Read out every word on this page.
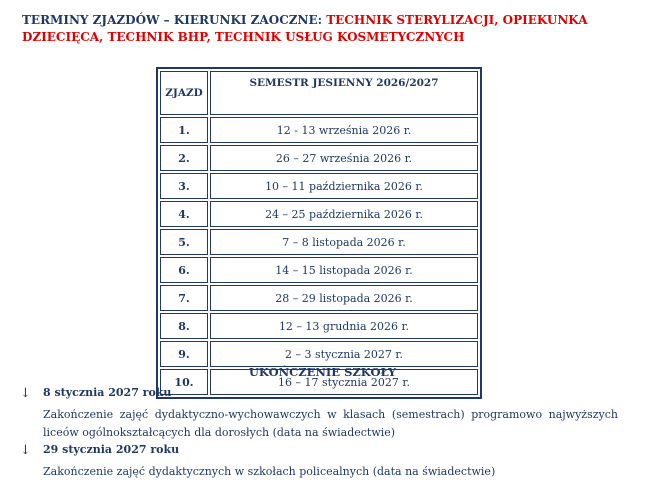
TERMINY ZJAZDÓW – KIERUNKI ZAOCZNE: TECHNIK STERYLIZACJI, OPIEKUNKA DZIECIĘCA, TECHNIK BHP, TECHNIK USŁUG KOSMETYCZNYCH
ZJAZD	SEMESTR JESIENNY 2026/2027
1.	12 - 13 września 2026 r.
2.	26 – 27 września 2026 r.
3.	10 – 11 października 2026 r.
4.	24 – 25 października 2026 r.
5.	7 – 8 listopada 2026 r.
6.	14 – 15 listopada 2026 r.
7.	28 – 29 listopada 2026 r.
8.	12 – 13 grudnia 2026 r.
9.	2 – 3 stycznia 2027 r.
10.	16 – 17 stycznia 2027 r.
UKOŃCZENIE SZKOŁY
↓ 8 stycznia 2027 roku
Zakończenie zajęć dydaktyczno-wychowawczych w klasach (semestrach) programowo najwyższych liceów ogólnokształcących dla dorosłych (data na świadectwie)
↓ 29 stycznia 2027 roku
Zakończenie zajęć dydaktycznych w szkołach policealnych (data na świadectwie)
